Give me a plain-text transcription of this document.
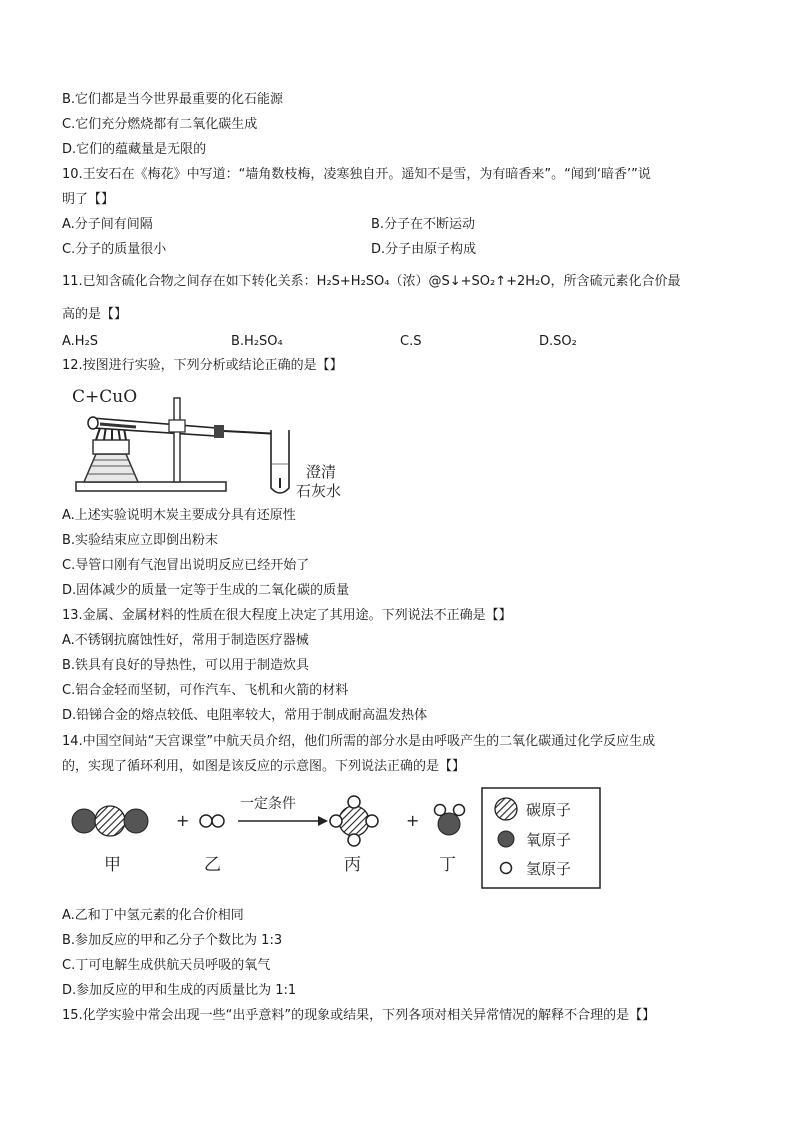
B.它们都是当今世界最重要的化石能源
C.它们充分燃烧都有二氧化碳生成
D.它们的蕴藏量是无限的
10.王安石在《梅花》中写道：“墙角数枝梅，凌寒独自开。遥知不是雪，为有暗香来”。“闻到‘暗香’”说
明了【】
A.分子间有间隔	B.分子在不断运动
C.分子的质量很小	D.分子由原子构成
11.已知含硫化合物之间存在如下转化关系：H₂S+H₂SO₄（浓）@S↓+SO₂↑+2H₂O，所含硫元素化合价最
高的是【】
A.H₂S	B.H₂SO₄	C.S	D.SO₂
12.按图进行实验，下列分析或结论正确的是【】
C+CuO
澄清
石灰水
A.上述实验说明木炭主要成分具有还原性
B.实验结束应立即倒出粉末
C.导管口刚有气泡冒出说明反应已经开始了
D.固体减少的质量一定等于生成的二氧化碳的质量
13.金属、金属材料的性质在很大程度上决定了其用途。下列说法不正确是【】
A.不锈钢抗腐蚀性好，常用于制造医疗器械
B.铁具有良好的导热性，可以用于制造炊具
C.铝合金轻而坚韧，可作汽车、飞机和火箭的材料
D.铅锑合金的熔点较低、电阻率较大，常用于制成耐高温发热体
14.中国空间站“天宫课堂”中航天员介绍，他们所需的部分水是由呼吸产生的二氧化碳通过化学反应生成
的，实现了循环利用，如图是该反应的示意图。下列说法正确的是【】
+
一定条件
+
甲	乙	丙	丁
碳原子
氧原子
氢原子
A.乙和丁中氢元素的化合价相同
B.参加反应的甲和乙分子个数比为 1:3
C.丁可电解生成供航天员呼吸的氧气
D.参加反应的甲和生成的丙质量比为 1:1
15.化学实验中常会出现一些“出乎意料”的现象或结果，下列各项对相关异常情况的解释不合理的是【】
